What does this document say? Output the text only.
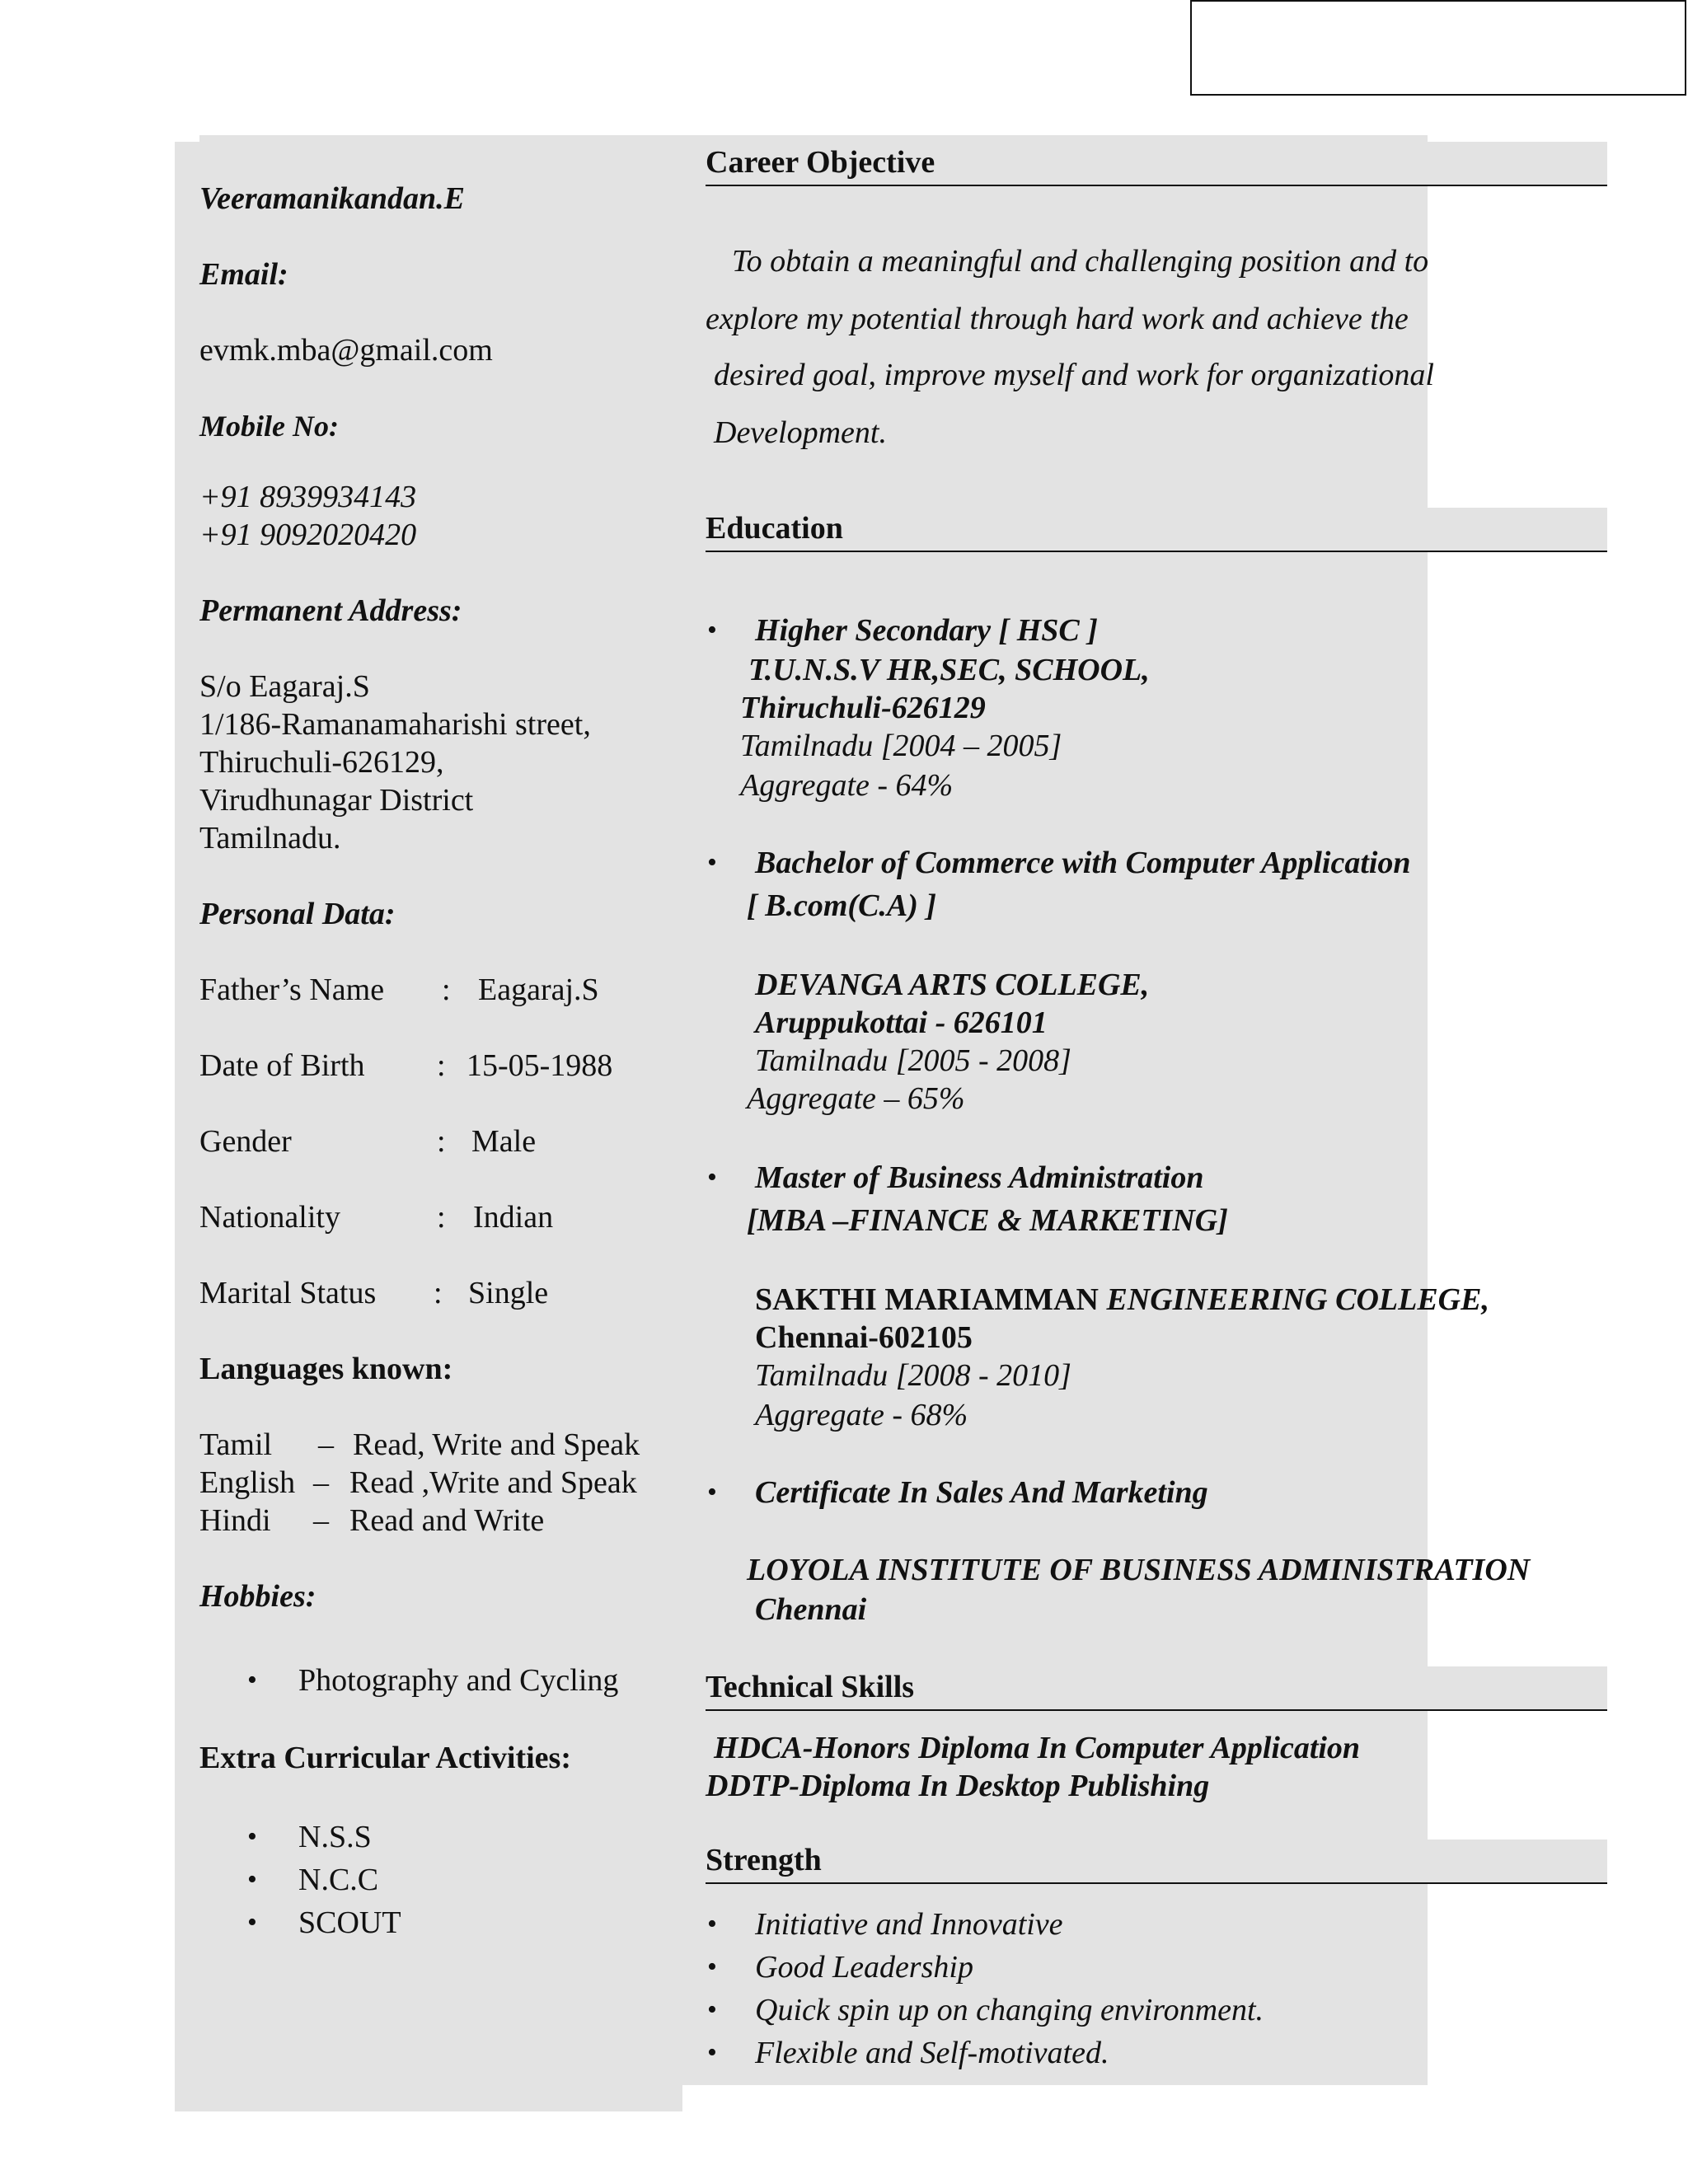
Veeramanikandan.E

Email:

evmk.mba@gmail.com

Mobile No:

+91 8939934143

+91 9092020420

Permanent Address:

S/o Eagaraj.S

1/186-Ramanamaharishi street,

Thiruchuli-626129,

Virudhunagar District

Tamilnadu.

Personal Data:

Father’s Name : Eagaraj.S

Date of Birth : 15-05-1988

Gender	: Male

Nationality	: Indian

Marital Status : Single

Languages known:

Tamil – Read, Write and Speak

English – Read ,Write and Speak

Hindi – Read and Write

Hobbies:

• Photography and Cycling

Extra Curricular Activities:

• N.S.S

• N.C.C

• SCOUT

Career Objective

To obtain a meaningful and challenging position and to

explore my potential through hard work and achieve the

desired goal, improve myself and work for organizational

Development.

Education

• Higher Secondary [ HSC ]

T.U.N.S.V HR,SEC, SCHOOL,

Thiruchuli-626129

Tamilnadu [2004 – 2005]

Aggregate - 64%

• Bachelor of Commerce with Computer Application

[ B.com(C.A) ]

DEVANGA ARTS COLLEGE,

Aruppukottai - 626101

Tamilnadu [2005 - 2008]

Aggregate – 65%

• Master of Business Administration

[MBA –FINANCE & MARKETING]

SAKTHI MARIAMMAN ENGINEERING COLLEGE,

Chennai-602105

Tamilnadu [2008 - 2010]

Aggregate - 68%

• Certificate In Sales And Marketing

LOYOLA INSTITUTE OF BUSINESS ADMINISTRATION

Chennai

Technical Skills

HDCA-Honors Diploma In Computer Application

DDTP-Diploma In Desktop Publishing

Strength

• Initiative and Innovative

• Good Leadership

• Quick spin up on changing environment.

• Flexible and Self-motivated.
